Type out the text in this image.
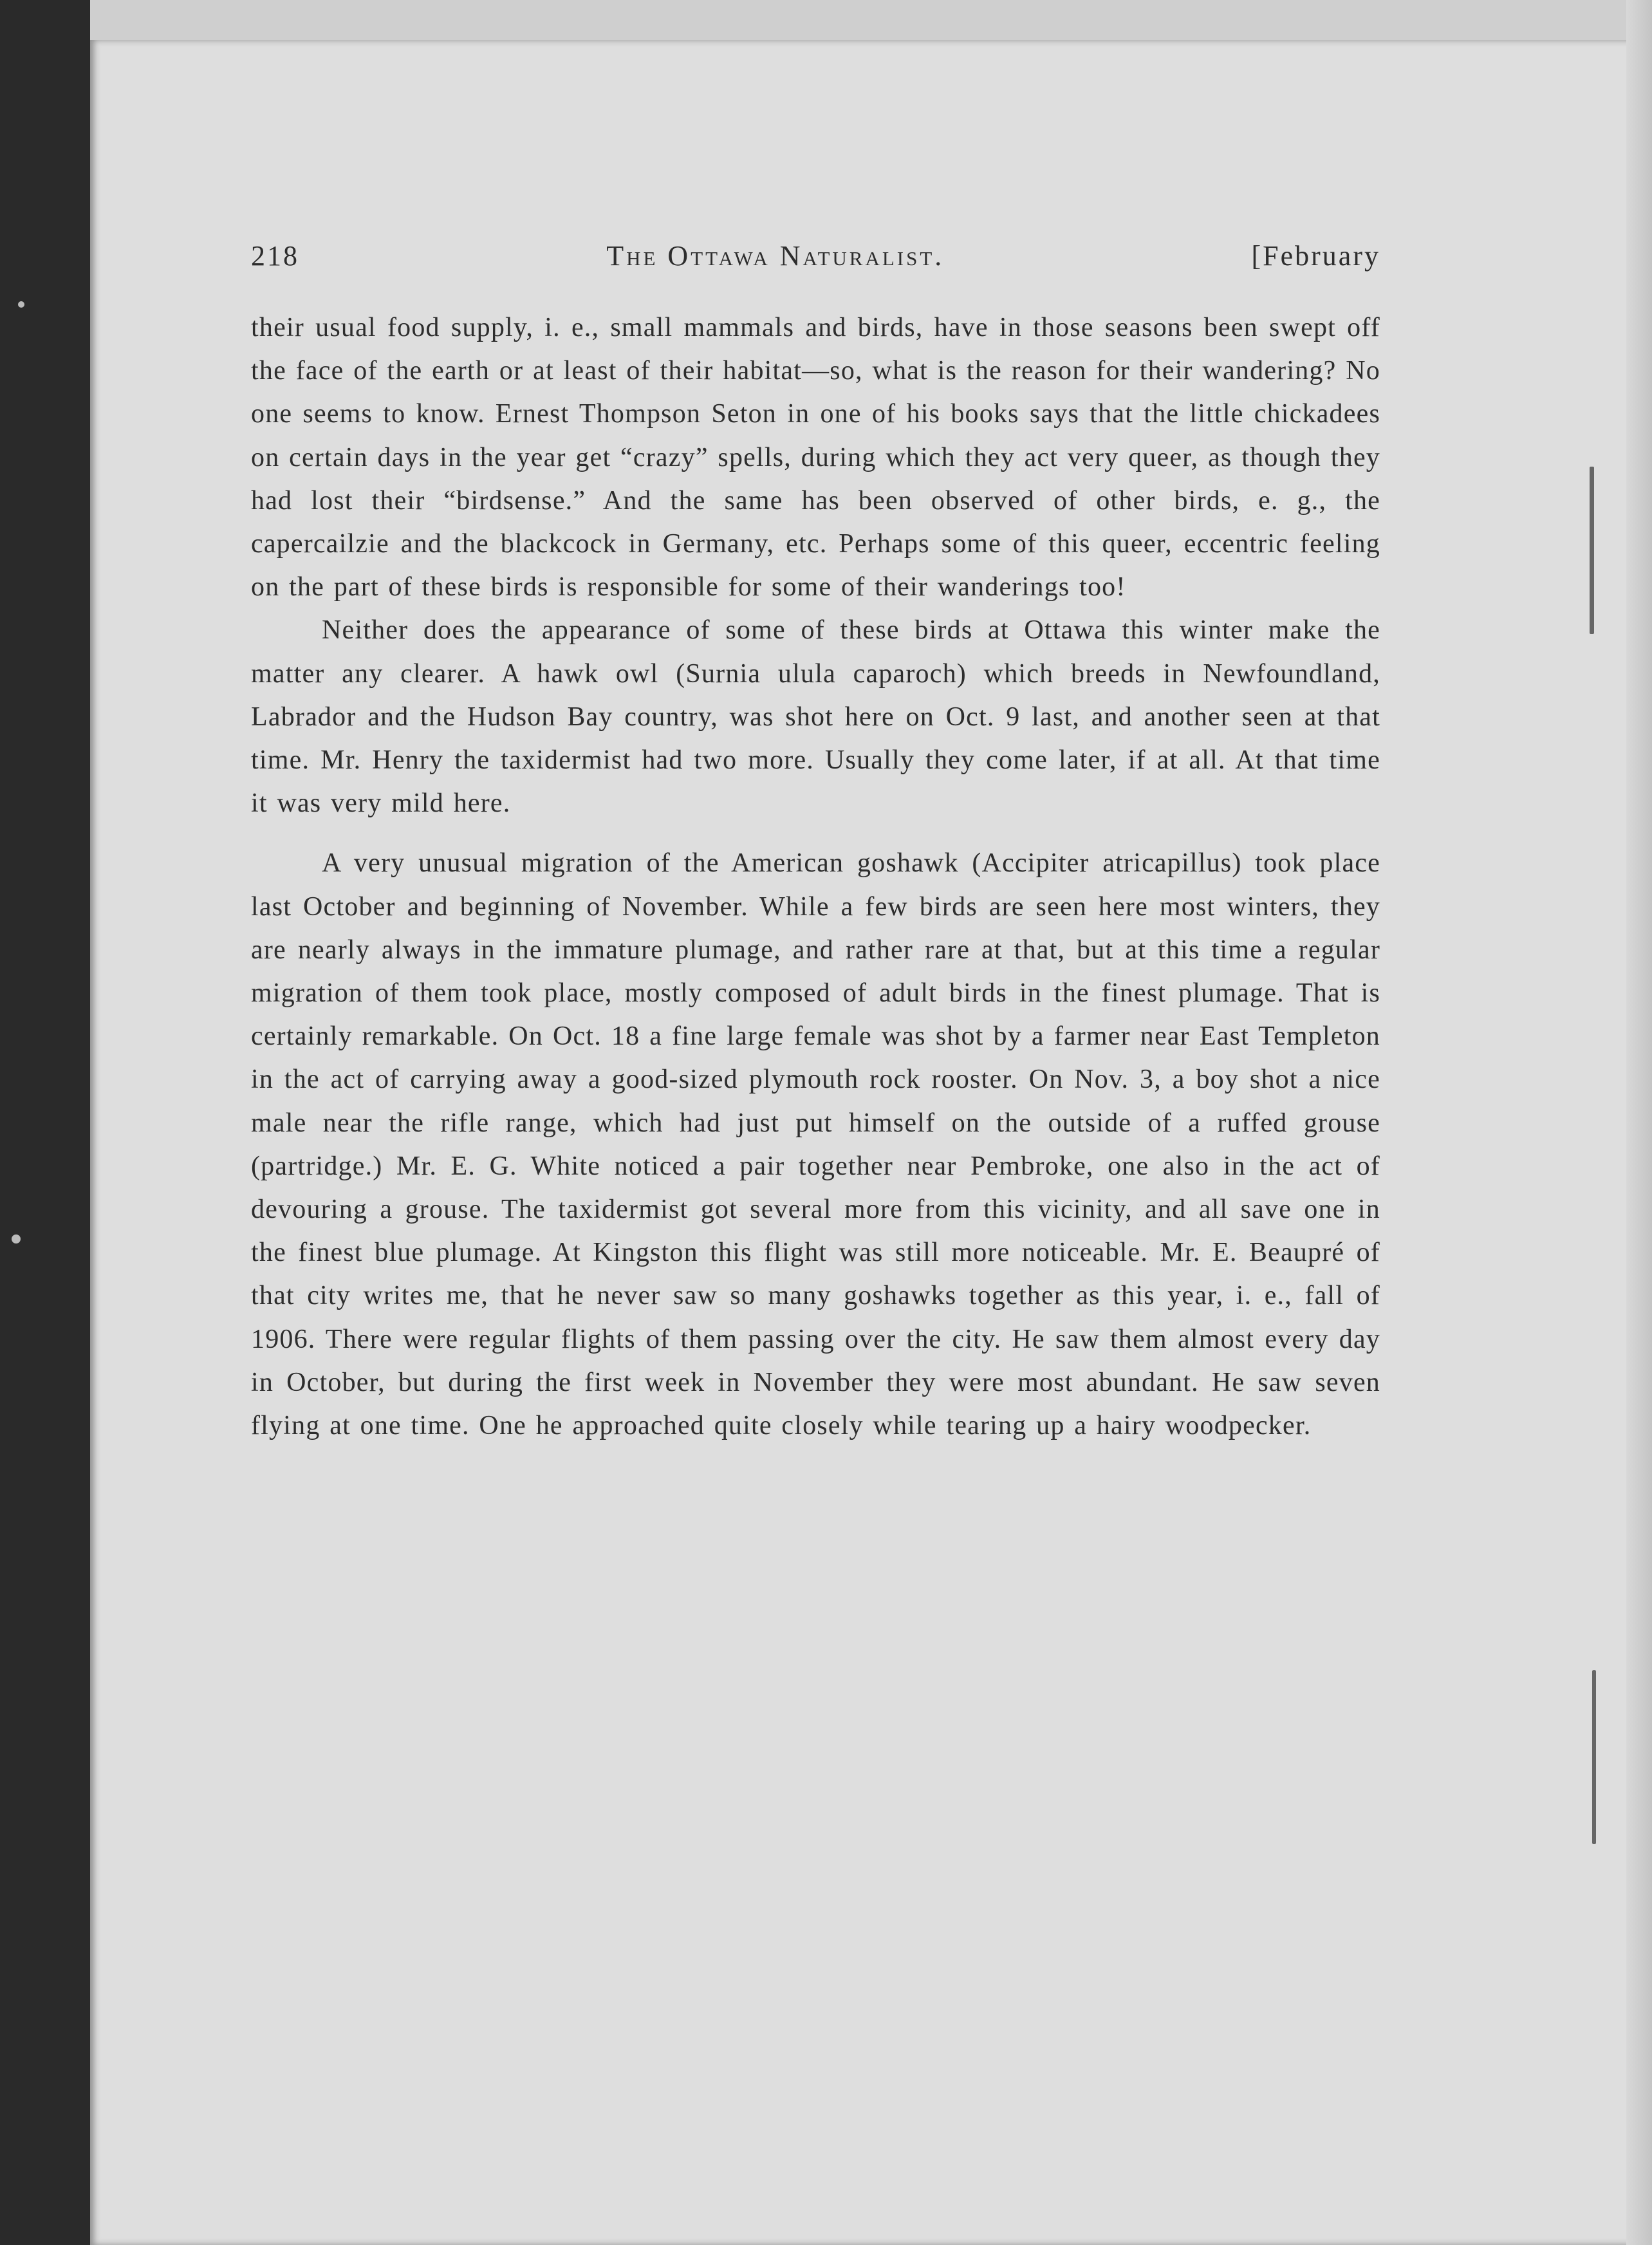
218	The Ottawa Naturalist.	[February

their usual food supply, i. e., small mammals and birds, have in those seasons been swept off the face of the earth or at least of their habitat—so, what is the reason for their wandering? No one seems to know. Ernest Thompson Seton in one of his books says that the little chickadees on certain days in the year get “crazy” spells, during which they act very queer, as though they had lost their “birdsense.” And the same has been observed of other birds, e. g., the capercailzie and the blackcock in Germany, etc. Perhaps some of this queer, eccentric feeling on the part of these birds is responsible for some of their wanderings too!

Neither does the appearance of some of these birds at Ottawa this winter make the matter any clearer. A hawk owl (Surnia ulula caparoch) which breeds in Newfoundland, Labrador and the Hudson Bay country, was shot here on Oct. 9 last, and another seen at that time. Mr. Henry the taxidermist had two more. Usually they come later, if at all. At that time it was very mild here.

A very unusual migration of the American goshawk (Accipiter atricapillus) took place last October and beginning of November. While a few birds are seen here most winters, they are nearly always in the immature plumage, and rather rare at that, but at this time a regular migration of them took place, mostly composed of adult birds in the finest plumage. That is certainly remarkable. On Oct. 18 a fine large female was shot by a farmer near East Templeton in the act of carrying away a good-sized plymouth rock rooster. On Nov. 3, a boy shot a nice male near the rifle range, which had just put himself on the outside of a ruffed grouse (partridge.) Mr. E. G. White noticed a pair together near Pembroke, one also in the act of devouring a grouse. The taxidermist got several more from this vicinity, and all save one in the finest blue plumage. At Kingston this flight was still more noticeable. Mr. E. Beaupré of that city writes me, that he never saw so many goshawks together as this year, i. e., fall of 1906. There were regular flights of them passing over the city. He saw them almost every day in October, but during the first week in November they were most abundant. He saw seven flying at one time. One he approached quite closely while tearing up a hairy woodpecker.
